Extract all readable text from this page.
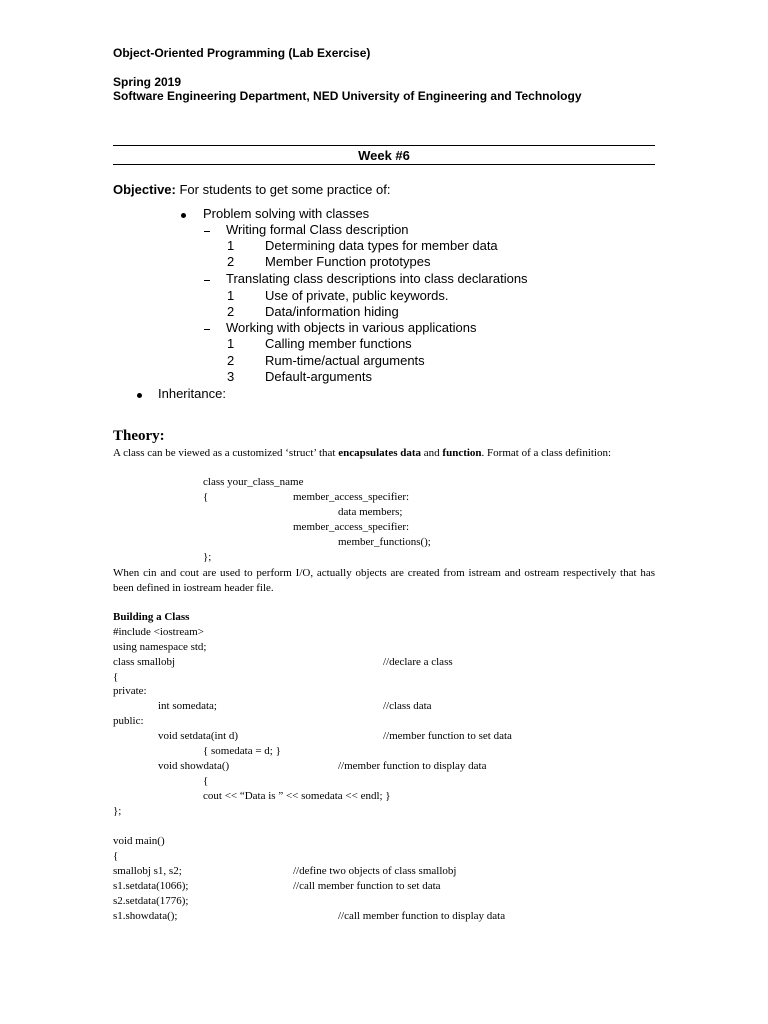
Object-Oriented Programming (Lab Exercise)
Spring 2019
Software Engineering Department, NED University of Engineering and Technology
Week #6
Objective: For students to get some practice of:
Problem solving with classes
Writing formal Class description
1 Determining data types for member data
2 Member Function prototypes
Translating class descriptions into class declarations
1 Use of private, public keywords.
2 Data/information hiding
Working with objects in various applications
1 Calling member functions
2 Rum-time/actual arguments
3 Default-arguments
Inheritance:
Theory:
A class can be viewed as a customized ‘struct’ that encapsulates data and function. Format of a class definition:
class your_class_name
{	member_access_specifier:
data members;
member_access_specifier:
member_functions();
};
When cin and cout are used to perform I/O, actually objects are created from istream and ostream respectively that has been defined in iostream header file.
Building a Class
#include <iostream>
using namespace std;
class smallobj	//declare a class
{
private:
int somedata;	//class data
public:
void setdata(int d)	//member function to set data
{ somedata = d; }
void showdata()	//member function to display data
{
cout << “Data is ” << somedata << endl; }
};
void main()
{
smallobj s1, s2;	//define two objects of class smallobj
s1.setdata(1066);	//call member function to set data
s2.setdata(1776);
s1.showdata();	//call member function to display data
